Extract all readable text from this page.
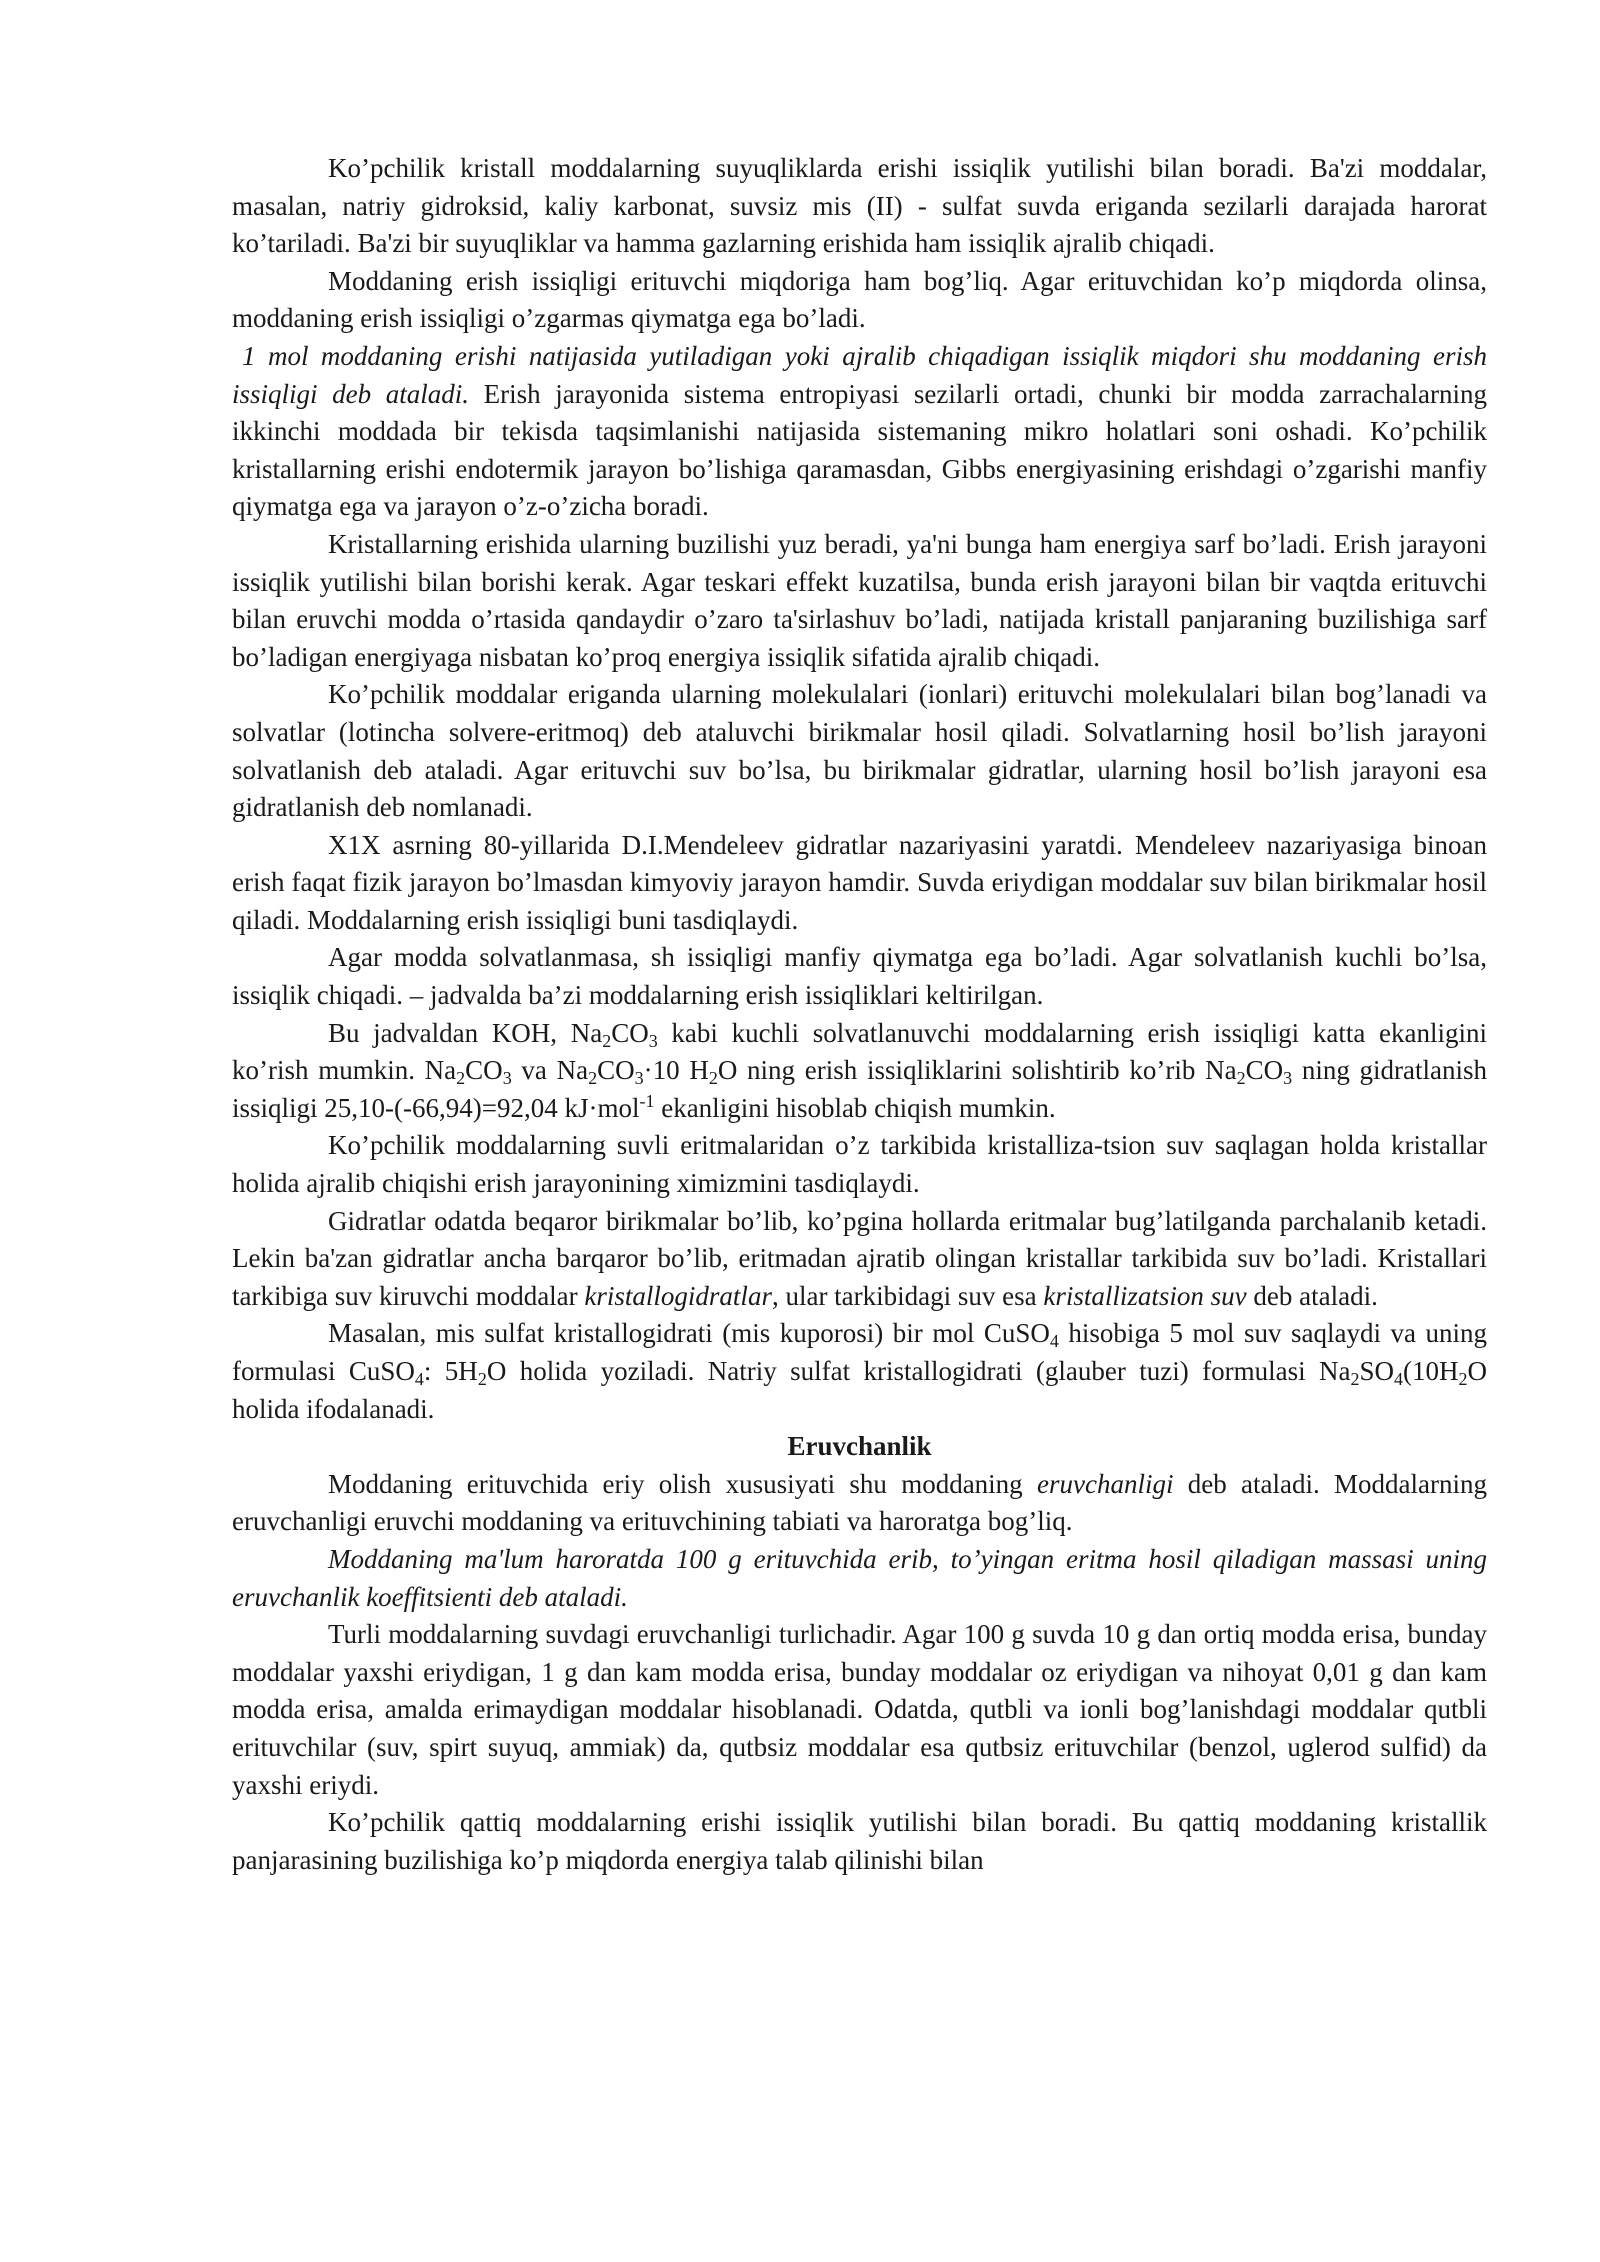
Ko’pchilik kristall moddalarning suyuqliklarda erishi issiqlik yutilishi bilan boradi. Ba'zi moddalar, masalan, natriy gidroksid, kaliy karbonat, suvsiz mis (II) - sulfat suvda eriganda sezilarli darajada harorat ko’tariladi. Ba'zi bir suyuqliklar va hamma gazlarning erishida ham issiqlik ajralib chiqadi.

Moddaning erish issiqligi erituvchi miqdoriga ham bog’liq. Agar erituvchidan ko’p miqdorda olinsa, moddaning erish issiqligi o’zgarmas qiymatga ega bo’ladi.

1 mol moddaning erishi natijasida yutiladigan yoki ajralib chiqadigan issiqlik miqdori shu moddaning erish issiqligi deb ataladi. Erish jarayonida sistema entropiyasi sezilarli ortadi, chunki bir modda zarrachalarning ikkinchi moddada bir tekisda taqsimlanishi natijasida sistemaning mikro holatlari soni oshadi. Ko’pchilik kristallarning erishi endotermik jarayon bo’lishiga qaramasdan, Gibbs energiyasining erishdagi o’zgarishi manfiy qiymatga ega va jarayon o’z-o’zicha boradi.

Kristallarning erishida ularning buzilishi yuz beradi, ya'ni bunga ham energiya sarf bo’ladi. Erish jarayoni issiqlik yutilishi bilan borishi kerak. Agar teskari effekt kuzatilsa, bunda erish jarayoni bilan bir vaqtda erituvchi bilan eruvchi modda o’rtasida qandaydir o’zaro ta'sirlashuv bo’ladi, natijada kristall panjaraning buzilishiga sarf bo’ladigan energiyaga nisbatan ko’proq energiya issiqlik sifatida ajralib chiqadi.

Ko’pchilik moddalar eriganda ularning molekulalari (ionlari) erituvchi molekulalari bilan bog’lanadi va solvatlar (lotincha solvere-eritmoq) deb ataluvchi birikmalar hosil qiladi. Solvatlarning hosil bo’lish jarayoni solvatlanish deb ataladi. Agar erituvchi suv bo’lsa, bu birikmalar gidratlar, ularning hosil bo’lish jarayoni esa gidratlanish deb nomlanadi.

X1X asrning 80-yillarida D.I.Mendeleev gidratlar nazariyasini yaratdi. Mendeleev nazariyasiga binoan erish faqat fizik jarayon bo’lmasdan kimyoviy jarayon hamdir. Suvda eriydigan moddalar suv bilan birikmalar hosil qiladi. Moddalarning erish issiqligi buni tasdiqlaydi.

Agar modda solvatlanmasa, sh issiqligi manfiy qiymatga ega bo’ladi. Agar solvatlanish kuchli bo’lsa, issiqlik chiqadi. – jadvalda ba’zi moddalarning erish issiqliklari keltirilgan.

Bu jadvaldan KOH, $Na_2CO_3$ kabi kuchli solvatlanuvchi moddalarning erish issiqligi katta ekanligini ko’rish mumkin. $Na_2CO_3$ va $Na_2CO_3\cdot 10$ $H_2O$ ning erish issiqliklarini solishtirib ko’rib $Na_2CO_3$ ning gidratlanish issiqligi 25,10-(-66,94)=92,04 kJ·mol$^{-1}$ ekanligini hisoblab chiqish mumkin.

Ko’pchilik moddalarning suvli eritmalaridan o’z tarkibida kristalliza-tsion suv saqlagan holda kristallar holida ajralib chiqishi erish jarayonining ximizmini tasdiqlaydi.

Gidratlar odatda beqaror birikmalar bo’lib, ko’pgina hollarda eritmalar bug’latilganda parchalanib ketadi. Lekin ba'zan gidratlar ancha barqaror bo’lib, eritmadan ajratib olingan kristallar tarkibida suv bo’ladi. Kristallari tarkibiga suv kiruvchi moddalar kristallogidratlar, ular tarkibidagi suv esa kristallizatsion suv deb ataladi.

Masalan, mis sulfat kristallogidrati (mis kuporosi) bir mol CuSO$_4$ hisobiga 5 mol suv saqlaydi va uning formulasi CuSO$_4$: $5H_2O$ holida yoziladi. Natriy sulfat kristallogidrati (glauber tuzi) formulasi $Na_2SO_4(10H_2O$ holida ifodalanadi.

Eruvchanlik

Moddaning erituvchida eriy olish xususiyati shu moddaning eruvchanligi deb ataladi. Moddalarning eruvchanligi eruvchi moddaning va erituvchining tabiati va haroratga bog’liq.

Moddaning ma'lum haroratda 100 g erituvchida erib, to’yingan eritma hosil qiladigan massasi uning eruvchanlik koeffitsienti deb ataladi.

Turli moddalarning suvdagi eruvchanligi turlichadir. Agar 100 g suvda 10 g dan ortiq modda erisa, bunday moddalar yaxshi eriydigan, 1 g dan kam modda erisa, bunday moddalar oz eriydigan va nihoyat 0,01 g dan kam modda erisa, amalda erimaydigan moddalar hisoblanadi. Odatda, qutbli va ionli bog’lanishdagi moddalar qutbli erituvchilar (suv, spirt suyuq, ammiak) da, qutbsiz moddalar esa qutbsiz erituvchilar (benzol, uglerod sulfid) da yaxshi eriydi.

Ko’pchilik qattiq moddalarning erishi issiqlik yutilishi bilan boradi. Bu qattiq moddaning kristallik panjarasining buzilishiga ko’p miqdorda energiya talab qilinishi bilan
